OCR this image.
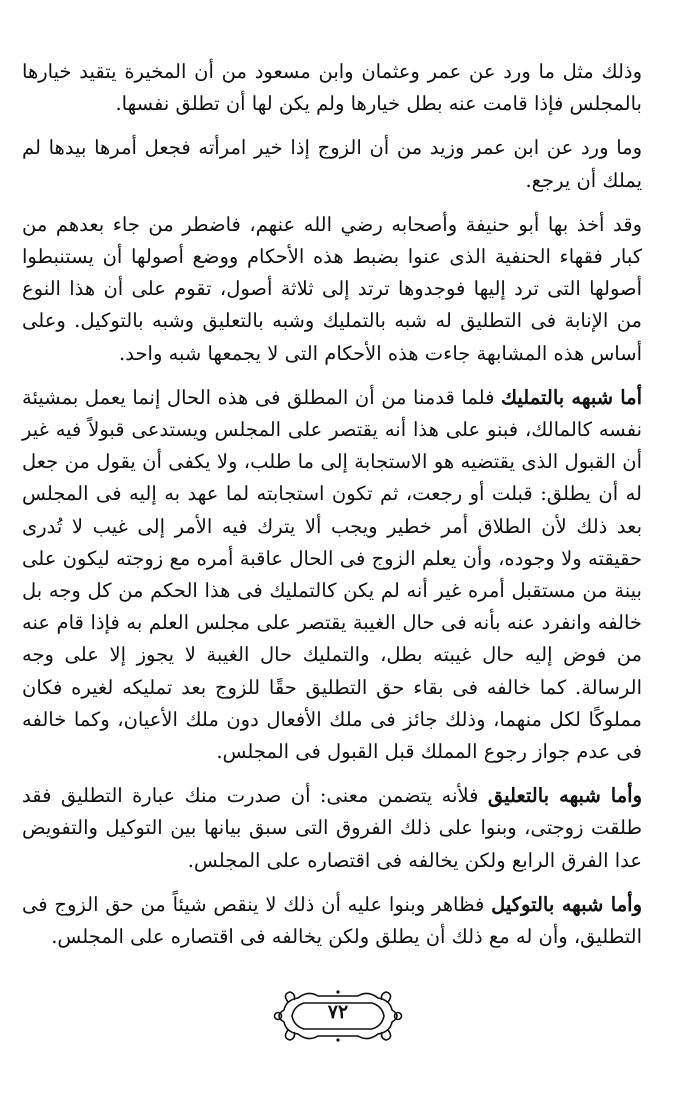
وذلك مثل ما ورد عن عمر وعثمان وابن مسعود من أن المخيرة يتقيد خيارها بالمجلس فإذا قامت عنه بطل خيارها ولم يكن لها أن تطلق نفسها.

وما ورد عن ابن عمر وزيد من أن الزوج إذا خير امرأته فجعل أمرها بيدها لم يملك أن يرجع.

وقد أخذ بها أبو حنيفة وأصحابه رضي الله عنهم، فاضطر من جاء بعدهم من كبار فقهاء الحنفية الذى عنوا بضبط هذه الأحكام ووضع أصولها أن يستنبطوا أصولها التى ترد إليها فوجدوها ترتد إلى ثلاثة أصول، تقوم على أن هذا النوع من الإنابة فى التطليق له شبه بالتمليك وشبه بالتعليق وشبه بالتوكيل. وعلى أساس هذه المشابهة جاءت هذه الأحكام التى لا يجمعها شبه واحد.

أما شبهه بالتمليك فلما قدمنا من أن المطلق فى هذه الحال إنما يعمل بمشيئة نفسه كالمالك، فبنو على هذا أنه يقتصر على المجلس ويستدعى قبولاً فيه غير أن القبول الذى يقتضيه هو الاستجابة إلى ما طلب، ولا يكفى أن يقول من جعل له أن يطلق: قبلت أو رجعت، ثم تكون استجابته لما عهد به إليه فى المجلس بعد ذلك لأن الطلاق أمر خطير ويجب ألا يترك فيه الأمر إلى غيب لا تُدرى حقيقته ولا وجوده، وأن يعلم الزوج فى الحال عاقبة أمره مع زوجته ليكون على بينة من مستقبل أمره غير أنه لم يكن كالتمليك فى هذا الحكم من كل وجه بل خالفه وانفرد عنه بأنه فى حال الغيبة يقتصر على مجلس العلم به فإذا قام عنه من فوض إليه حال غيبته بطل، والتمليك حال الغيبة لا يجوز إلا على وجه الرسالة. كما خالفه فى بقاء حق التطليق حقًا للزوج بعد تمليكه لغيره فكان مملوكًا لكل منهما، وذلك جائز فى ملك الأفعال دون ملك الأعيان، وكما خالفه فى عدم جواز رجوع المملك قبل القبول فى المجلس.

وأما شبهه بالتعليق فلأنه يتضمن معنى: أن صدرت منك عبارة التطليق فقد طلقت زوجتى، وبنوا على ذلك الفروق التى سبق بيانها بين التوكيل والتفويض عدا الفرق الرابع ولكن يخالفه فى اقتصاره على المجلس.

وأما شبهه بالتوكيل فظاهر وبنوا عليه أن ذلك لا ينقص شيئاً من حق الزوج فى التطليق، وأن له مع ذلك أن يطلق ولكن يخالفه فى اقتصاره على المجلس.

٧٢
